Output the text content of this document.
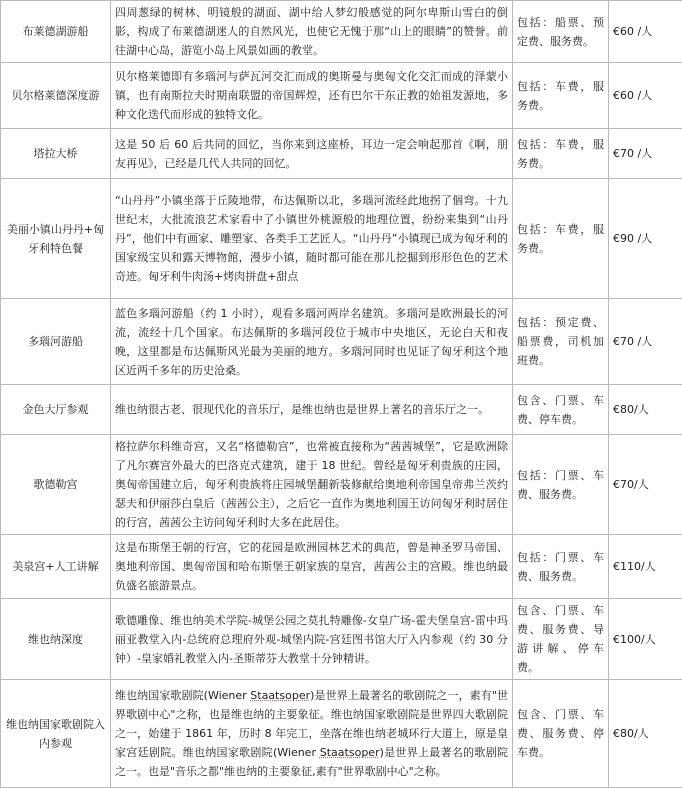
布莱德湖游船	四周葱绿的树林、明镜般的湖面、湖中给人梦幻般感觉的阿尔卑斯山雪白的倒影，构成了布莱德湖迷人的自然风光，也使它无愧于那“山上的眼睛”的赞誉。前往湖中心岛，游览小岛上风景如画的教堂。	包括：船票、预定费、服务费。	€60 /人
贝尔格莱德深度游	贝尔格莱德即有多瑙河与萨瓦河交汇而成的奥斯曼与奥匈文化交汇而成的泽蒙小镇，也有南斯拉夫时期南联盟的帝国辉煌，还有巴尔干东正教的始祖发源地，多种文化迭代而形成的独特文化。	包括：车费，服务费。	€60 /人
塔拉大桥	这是 50 后 60 后共同的回忆，当你来到这座桥，耳边一定会响起那首《啊，朋友再见》，已经是几代人共同的回忆。	包括：车费，服务费。	€70 /人
美丽小镇山丹丹+匈牙利特色餐	“山丹丹”小镇坐落于丘陵地带，布达佩斯以北，多瑙河流经此地拐了個弯。十九世纪末，大批流浪艺术家看中了小镇世外桃源般的地理位置，纷纷来集到“山丹丹”，他们中有画家、雕塑家、各类手工艺匠人。“山丹丹”小镇现已成为匈牙利的国家级宝贝和露天博物館，漫步小镇，随时都可能在那儿挖掘到形形色色的艺术奇迹。匈牙利牛肉汤+烤肉拼盘+甜点	包括：车费，服务费。	€90 /人
多瑙河游船	蓝色多瑙河游船（约 1 小时），观看多瑙河两岸名建筑。多瑙河是欧洲最长的河流，流经十几个国家。布达佩斯的多瑙河段位于城市中央地区，无论白天和夜晚，这里都是布达佩斯风光最为美丽的地方。多瑙河同时也见证了匈牙利这个地区近两千多年的历史沧桑。	包括：预定费、船票费，司机加班费。	€70 /人
金色大厅参观	维也纳很古老、很现代化的音乐厅，是维也纳也是世界上著名的音乐厅之一。	包含、门票、车费、停车费。	€80/人
歌德勒宫	格拉萨尔科维奇宫，又名“格德勒宫”，也常被直接称为“茜茜城堡”，它是欧洲除了凡尔赛宫外最大的巴洛克式建筑，建于 18 世纪。曾经是匈牙利贵族的庄园，奥匈帝国建立后，匈牙利贵族将庄园城堡翻新装修献给奥地利帝国皇帝弗兰茨约瑟夫和伊丽莎白皇后（茜茜公主），之后它一直作为奥地利国王访问匈牙利时居住的行宫，茜茜公主访问匈牙利时大多在此居住。	包括：门票、车费、服务费。	€70/人
美泉宫+人工讲解	这是布斯堡王朝的行宫，它的花园是欧洲园林艺术的典范，曾是神圣罗马帝国、奥地利帝国、奥匈帝国和哈布斯堡王朝家族的皇宫，茜茜公主的宫殿。维也纳最负盛名旅游景点。	包括：门票、车费、服务费。	€110/人
维也纳深度	歌德雕像、维也纳美术学院-城堡公园之莫扎特雕像-女皇广场-霍夫堡皇宫-雷中玛丽亚教堂入内-总统府总理府外观-城堡内院-宫廷图书馆大厅入内参观（约 30 分钟）-皇家婚礼教堂入内-圣斯蒂芬大教堂十分钟精讲。	包含、门票、车费、服务费、导游讲解、停车费。	€100/人
维也纳国家歌剧院入内参观	维也纳国家歌剧院(Wiener Staatsoper)是世界上最著名的歌剧院之一，素有"世界歌剧中心"之称，也是维也纳的主要象征。维也纳国家歌剧院是世界四大歌剧院之一，始建于 1861 年，历时 8 年完工，坐落在维也纳老城环行大道上，原是皇家宫廷剧院。维也纳国家歌剧院(Wiener Staatsoper)是世界上最著名的歌剧院之一。也是"音乐之都"维也纳的主要象征,素有"世界歌剧中心"之称。	包含、门票、车费、服务费、停车费。	€80/人
